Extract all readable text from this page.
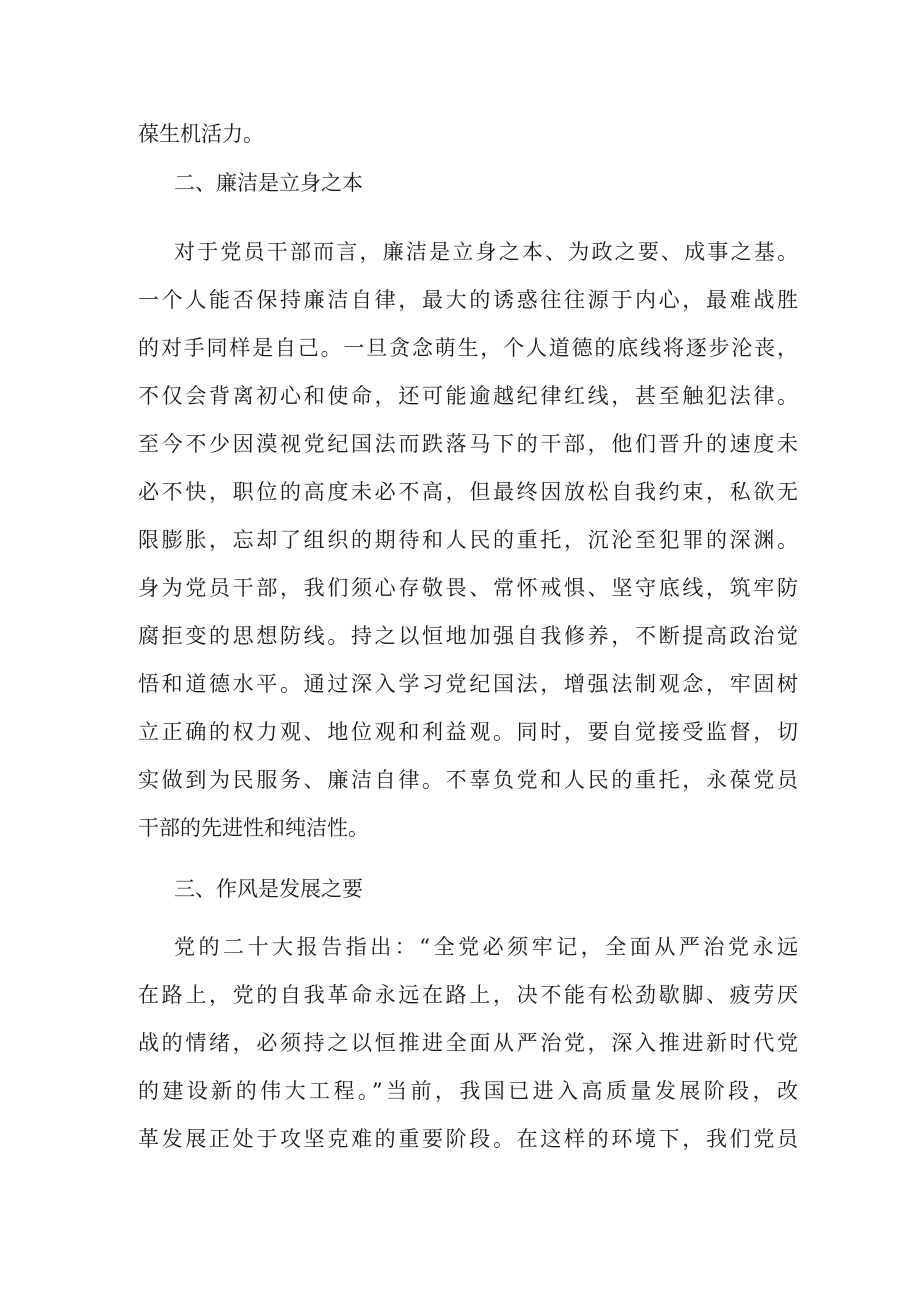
葆生机活力。
二、廉洁是立身之本
对于党员干部而言，廉洁是立身之本、为政之要、成事之基。
一个人能否保持廉洁自律，最大的诱惑往往源于内心，最难战胜
的对手同样是自己。一旦贪念萌生，个人道德的底线将逐步沦丧，
不仅会背离初心和使命，还可能逾越纪律红线，甚至触犯法律。
至今不少因漠视党纪国法而跌落马下的干部，他们晋升的速度未
必不快，职位的高度未必不高，但最终因放松自我约束，私欲无
限膨胀，忘却了组织的期待和人民的重托，沉沦至犯罪的深渊。
身为党员干部，我们须心存敬畏、常怀戒惧、坚守底线，筑牢防
腐拒变的思想防线。持之以恒地加强自我修养，不断提高政治觉
悟和道德水平。通过深入学习党纪国法，增强法制观念，牢固树
立正确的权力观、地位观和利益观。同时，要自觉接受监督，切
实做到为民服务、廉洁自律。不辜负党和人民的重托，永葆党员
干部的先进性和纯洁性。
三、作风是发展之要
党的二十大报告指出：“全党必须牢记，全面从严治党永远
在路上，党的自我革命永远在路上，决不能有松劲歇脚、疲劳厌
战的情绪，必须持之以恒推进全面从严治党，深入推进新时代党
的建设新的伟大工程。”当前，我国已进入高质量发展阶段，改
革发展正处于攻坚克难的重要阶段。在这样的环境下，我们党员
